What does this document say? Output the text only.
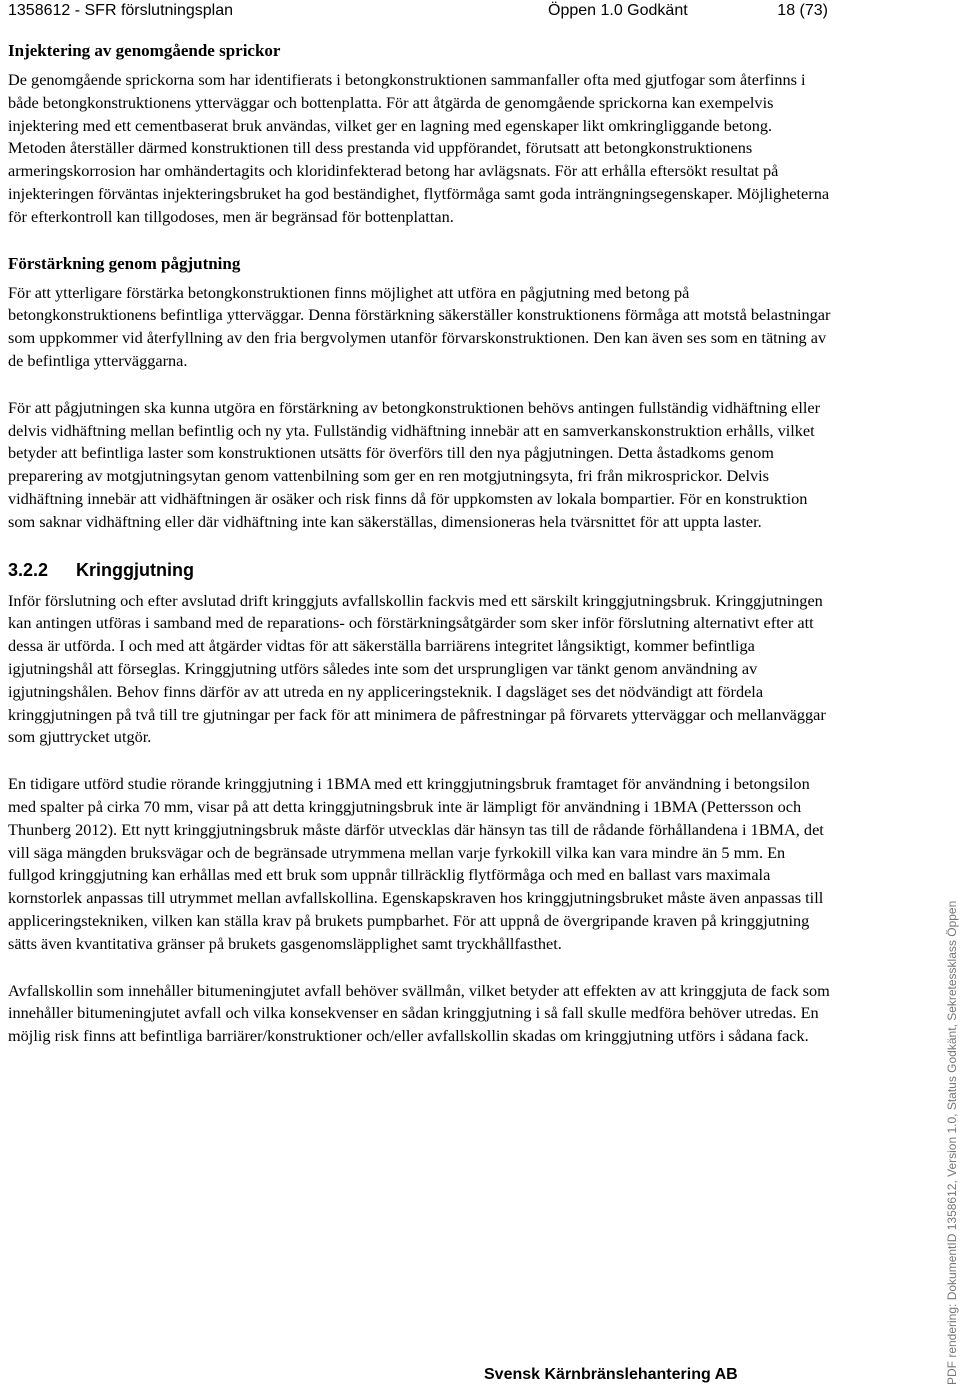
1358612 - SFR förslutningsplan	Öppen 1.0 Godkänt	18 (73)
Injektering av genomgående sprickor

De genomgående sprickorna som har identifierats i betongkonstruktionen sammanfaller ofta med gjutfogar som återfinns i både betongkonstruktionens ytterväggar och bottenplatta. För att åtgärda de genomgående sprickorna kan exempelvis injektering med ett cementbaserat bruk användas, vilket ger en lagning med egenskaper likt omkringliggande betong. Metoden återställer därmed konstruktionen till dess prestanda vid uppförandet, förutsatt att betongkonstruktionens armeringskorrosion har omhändertagits och kloridinfekterad betong har avlägsnats. För att erhålla eftersökt resultat på injekteringen förväntas injekteringsbruket ha god beständighet, flytförmåga samt goda inträngningsegenskaper. Möjligheterna för efterkontroll kan tillgodoses, men är begränsad för bottenplattan.

Förstärkning genom pågjutning

För att ytterligare förstärka betongkonstruktionen finns möjlighet att utföra en pågjutning med betong på betongkonstruktionens befintliga ytterväggar. Denna förstärkning säkerställer konstruktionens förmåga att motstå belastningar som uppkommer vid återfyllning av den fria bergvolymen utanför förvarskonstruktionen. Den kan även ses som en tätning av de befintliga ytterväggarna.

För att pågjutningen ska kunna utgöra en förstärkning av betongkonstruktionen behövs antingen fullständig vidhäftning eller delvis vidhäftning mellan befintlig och ny yta. Fullständig vidhäftning innebär att en samverkanskonstruktion erhålls, vilket betyder att befintliga laster som konstruktionen utsätts för överförs till den nya pågjutningen. Detta åstadkoms genom preparering av motgjutningsytan genom vattenbilning som ger en ren motgjutningsyta, fri från mikrosprickor. Delvis vidhäftning innebär att vidhäftningen är osäker och risk finns då för uppkomsten av lokala bompartier. För en konstruktion som saknar vidhäftning eller där vidhäftning inte kan säkerställas, dimensioneras hela tvärsnittet för att uppta laster.

3.2.2 Kringgjutning

Inför förslutning och efter avslutad drift kringgjuts avfallskollin fackvis med ett särskilt kringgjutningsbruk. Kringgjutningen kan antingen utföras i samband med de reparations- och förstärkningsåtgärder som sker inför förslutning alternativt efter att dessa är utförda. I och med att åtgärder vidtas för att säkerställa barriärens integritet långsiktigt, kommer befintliga igjutningshål att förseglas. Kringgjutning utförs således inte som det ursprungligen var tänkt genom användning av igjutningshålen. Behov finns därför av att utreda en ny appliceringsteknik. I dagsläget ses det nödvändigt att fördela kringgjutningen på två till tre gjutningar per fack för att minimera de påfrestningar på förvarets ytterväggar och mellanväggar som gjuttrycket utgör.

En tidigare utförd studie rörande kringgjutning i 1BMA med ett kringgjutningsbruk framtaget för användning i betongsilon med spalter på cirka 70 mm, visar på att detta kringgjutningsbruk inte är lämpligt för användning i 1BMA (Pettersson och Thunberg 2012). Ett nytt kringgjutningsbruk måste därför utvecklas där hänsyn tas till de rådande förhållandena i 1BMA, det vill säga mängden bruksvägar och de begränsade utrymmena mellan varje fyrkokill vilka kan vara mindre än 5 mm. En fullgod kringgjutning kan erhållas med ett bruk som uppnår tillräcklig flytförmåga och med en ballast vars maximala kornstorlek anpassas till utrymmet mellan avfallskollina. Egenskapskraven hos kringgjutningsbruket måste även anpassas till appliceringstekniken, vilken kan ställa krav på brukets pumpbarhet. För att uppnå de övergripande kraven på kringgjutning sätts även kvantitativa gränser på brukets gasgenomsläpplighet samt tryckhållfasthet.

Avfallskollin som innehåller bitumeningjutet avfall behöver svällmån, vilket betyder att effekten av att kringgjuta de fack som innehåller bitumeningjutet avfall och vilka konsekvenser en sådan kringgjutning i så fall skulle medföra behöver utredas. En möjlig risk finns att befintliga barriärer/konstruktioner och/eller avfallskollin skadas om kringgjutning utförs i sådana fack.

Svensk Kärnbränslehantering AB	PDF rendering: DokumentID 1358612, Version 1.0, Status Godkänt, Sekretessklass Öppen
